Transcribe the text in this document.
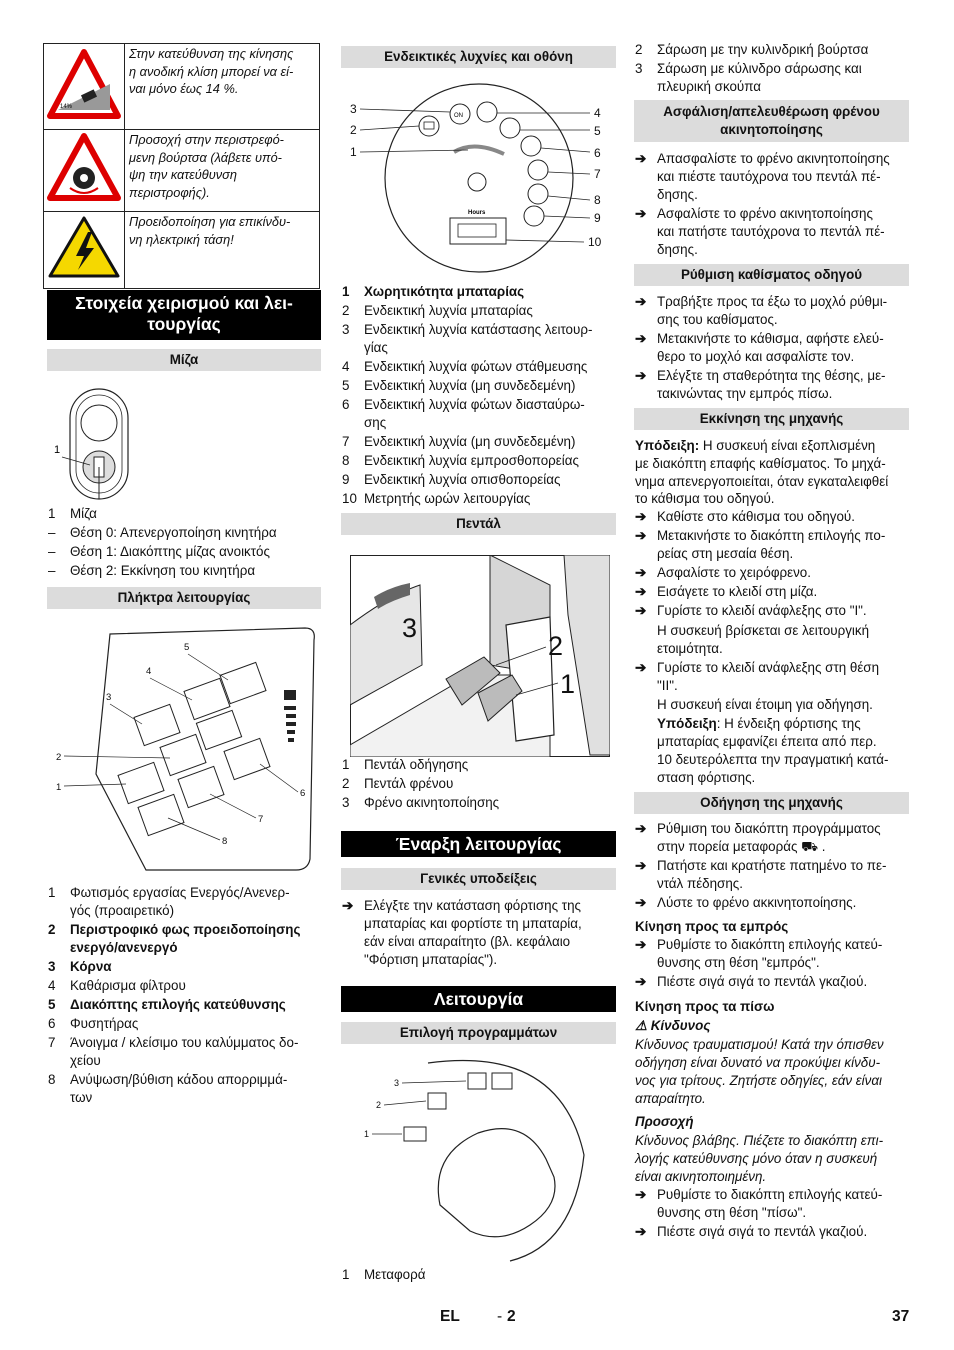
14%	Στην κατεύθυνση της κίνησης
η ανοδική κλίση μπορεί να εί-
ναι μόνο έως 14 %.

Προσοχή στην περιστρεφό-
μενη βούρτσα (λάβετε υπό-
ψη την κατεύθυνση
περιστροφής).

Προειδοποίηση για επικίνδυ-
νη ηλεκτρική τάση!
Στοιχεία χειρισμού και λει-
τουργίας
Μίζα
1
1 Μίζα
– Θέση 0: Απενεργοποίηση κινητήρα
– Θέση 1: Διακόπτης μίζας ανοικτός
– Θέση 2: Εκκίνηση του κινητήρα
Πλήκτρα λειτουργίας
5
4
3
2
1
6
7
8
1 Φωτισμός εργασίας Ενεργός/Ανενερ-
γός (προαιρετικό)
2 Περιστροφικό φως προειδοποίησης
ενεργό/ανενεργό
3 Κόρνα
4 Καθάρισμα φίλτρου
5 Διακόπτης επιλογής κατεύθυνσης
6 Φυσητήρας
7 Άνοιγμα / κλείσιμο του καλύμματος δο-
χείου
8 Ανύψωση/βύθιση κάδου απορριμμά-
των
Ενδεικτικές λυχνίες και οθόνη
ON
Hours
3
2
1
4
5
6
7
8
9
10
1 Χωρητικότητα μπαταρίας
2 Ενδεικτική λυχνία μπαταρίας
3 Ενδεικτική λυχνία κατάστασης λειτουρ-
γίας
4 Ενδεικτική λυχνία φώτων στάθμευσης
5 Ενδεικτική λυχνία (μη συνδεδεμένη)
6 Ενδεικτική λυχνία φώτων διασταύρω-
σης
7 Ενδεικτική λυχνία (μη συνδεδεμένη)
8 Ενδεικτική λυχνία εμπροσθοπορείας
9 Ενδεικτική λυχνία οπισθοπορείας
10 Μετρητής ωρών λειτουργίας
Πεντάλ
3
2
1
1 Πεντάλ οδήγησης
2 Πεντάλ φρένου
3 Φρένο ακινητοποίησης
Έναρξη λειτουργίας
Γενικές υποδείξεις
➔ Ελέγξτε την κατάσταση φόρτισης της
μπαταρίας και φορτίστε τη μπαταρία,
εάν είναι απαραίτητο (βλ. κεφάλαιο
"Φόρτιση μπαταρίας").
Λειτουργία
Επιλογή προγραμμάτων
3
2
1
1 Μεταφορά
2 Σάρωση με την κυλινδρική βούρτσα
3 Σάρωση με κύλινδρο σάρωσης και
πλευρική σκούπα
Ασφάλιση/απελευθέρωση φρένου
ακινητοποίησης
➔ Απασφαλίστε το φρένο ακινητοποίησης
και πιέστε ταυτόχρονα του πεντάλ πέ-
δησης.
➔ Ασφαλίστε το φρένο ακινητοποίησης
και πατήστε ταυτόχρονα το πεντάλ πέ-
δησης.
Ρύθμιση καθίσματος οδηγού
➔ Τραβήξτε προς τα έξω το μοχλό ρύθμι-
σης του καθίσματος.
➔ Μετακινήστε το κάθισμα, αφήστε ελεύ-
θερο το μοχλό και ασφαλίστε τον.
➔ Ελέγξτε τη σταθερότητα της θέσης, με-
τακινώντας την εμπρός πίσω.
Εκκίνηση της μηχανής
Υπόδειξη: Η συσκευή είναι εξοπλισμένη
με διακόπτη επαφής καθίσματος. Το μηχά-
νημα απενεργοποιείται, όταν εγκαταλειφθεί
το κάθισμα του οδηγού.
➔ Καθίστε στο κάθισμα του οδηγού.
➔ Μετακινήστε το διακόπτη επιλογής πο-
ρείας στη μεσαία θέση.
➔ Ασφαλίστε το χειρόφρενο.
➔ Εισάγετε το κλειδί στη μίζα.
➔ Γυρίστε το κλειδί ανάφλεξης στο "I".
Η συσκευή βρίσκεται σε λειτουργική
ετοιμότητα.
➔ Γυρίστε το κλειδί ανάφλεξης στη θέση
"II".
Η συσκευή είναι έτοιμη για οδήγηση.
Υπόδειξη: Η ένδειξη φόρτισης της
μπαταρίας εμφανίζει έπειτα από περ.
10 δευτερόλεπτα την πραγματική κατά-
σταση φόρτισης.
Οδήγηση της μηχανής
➔ Ρύθμιση του διακόπτη προγράμματος
στην πορεία μεταφοράς ⛟ .
➔ Πατήστε και κρατήστε πατημένο το πε-
ντάλ πέδησης.
➔ Λύστε το φρένο ακκινητοποίησης.
Κίνηση προς τα εμπρός
➔ Ρυθμίστε το διακόπτη επιλογής κατεύ-
θυνσης στη θέση "εμπρός".
➔ Πιέστε σιγά σιγά το πεντάλ γκαζιού.
Κίνηση προς τα πίσω
⚠ Κίνδυνος
Κίνδυνος τραυματισμού! Κατά την όπισθεν
οδήγηση είναι δυνατό να προκύψει κίνδυ-
νος για τρίτους. Ζητήστε οδηγίες, εάν είναι
απαραίτητο.
Προσοχή
Κίνδυνος βλάβης. Πιέζετε το διακόπτη επι-
λογής κατεύθυνσης μόνο όταν η συσκευή
είναι ακινητοποιημένη.
➔ Ρυθμίστε το διακόπτη επιλογής κατεύ-
θυνσης στη θέση "πίσω".
➔ Πιέστε σιγά σιγά το πεντάλ γκαζιού.
EL - 2	37
